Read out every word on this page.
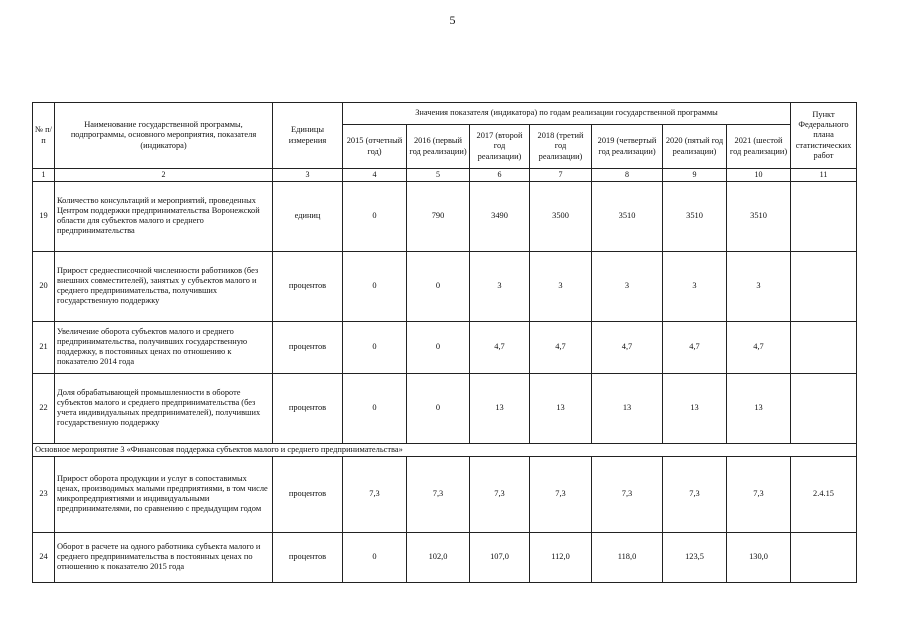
5
№ п/п	Наименование государственной программы, подпрограммы, основного мероприятия, показателя (индикатора)	Единицы измерения	Значения показателя (индикатора) по годам реализации государственной программы							Пункт Федерального плана статистических работ
			2015 (отчетный год)	2016 (первый год реализации)	2017 (второй год реализации)	2018 (третий год реализации)	2019 (четвертый год реализации)	2020 (пятый год реализации)	2021 (шестой год реализации)	
1	2	3	4	5	6	7	8	9	10	11
19	Количество консультаций и мероприятий, проведенных Центром поддержки предпринимательства Воронежской области для субъектов малого и среднего предпринимательства	единиц	0	790	3490	3500	3510	3510	3510	
20	Прирост среднесписочной численности работников (без внешних совместителей), занятых у субъектов малого и среднего предпринимательства, получивших государственную поддержку	процентов	0	0	3	3	3	3	3	
21	Увеличение оборота субъектов малого и среднего предпринимательства, получивших государственную поддержку, в постоянных ценах по отношению к показателю 2014 года	процентов	0	0	4,7	4,7	4,7	4,7	4,7	
22	Доля обрабатывающей промышленности в обороте субъектов малого и среднего предпринимательства (без учета индивидуальных предпринимателей), получивших государственную поддержку	процентов	0	0	13	13	13	13	13	
Основное мероприятие 3 «Финансовая поддержка субъектов малого и среднего предпринимательства»										
23	Прирост оборота продукции и услуг в сопоставимых ценах, производимых малыми предприятиями, в том числе микропредприятиями и индивидуальными предпринимателями, по сравнению с предыдущим годом	процентов	7,3	7,3	7,3	7,3	7,3	7,3	7,3	2.4.15
24	Оборот в расчете на одного работника субъекта малого и среднего предпринимательства в постоянных ценах по отношению к показателю 2015 года	процентов	0	102,0	107,0	112,0	118,0	123,5	130,0	
